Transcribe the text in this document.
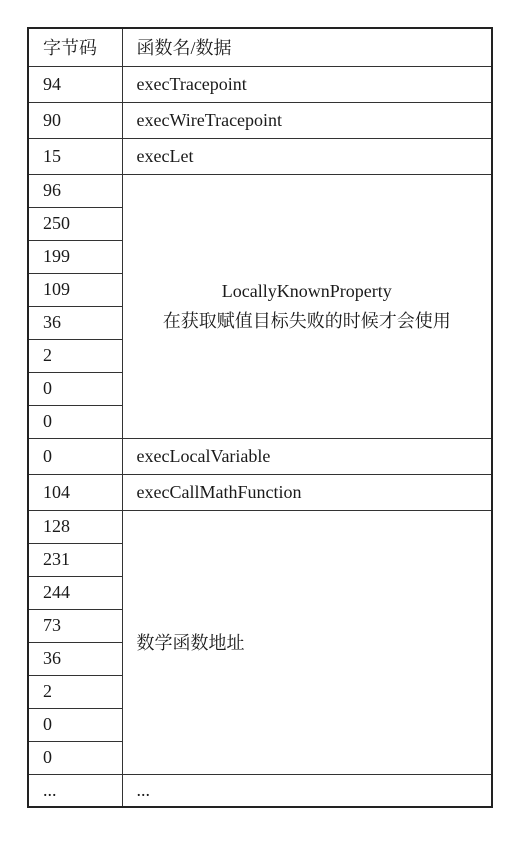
字节码	函数名/数据
94	execTracepoint
90	execWireTracepoint
15	execLet
96	LocallyKnownProperty
在获取赋值目标失败的时候才会使用

250	
199	
109	
36	
2	
0	
0	
0	execLocalVariable
104	execCallMathFunction
128	数学函数地址
231	
244	
73	
36	
2	
0	
0	
...	...
